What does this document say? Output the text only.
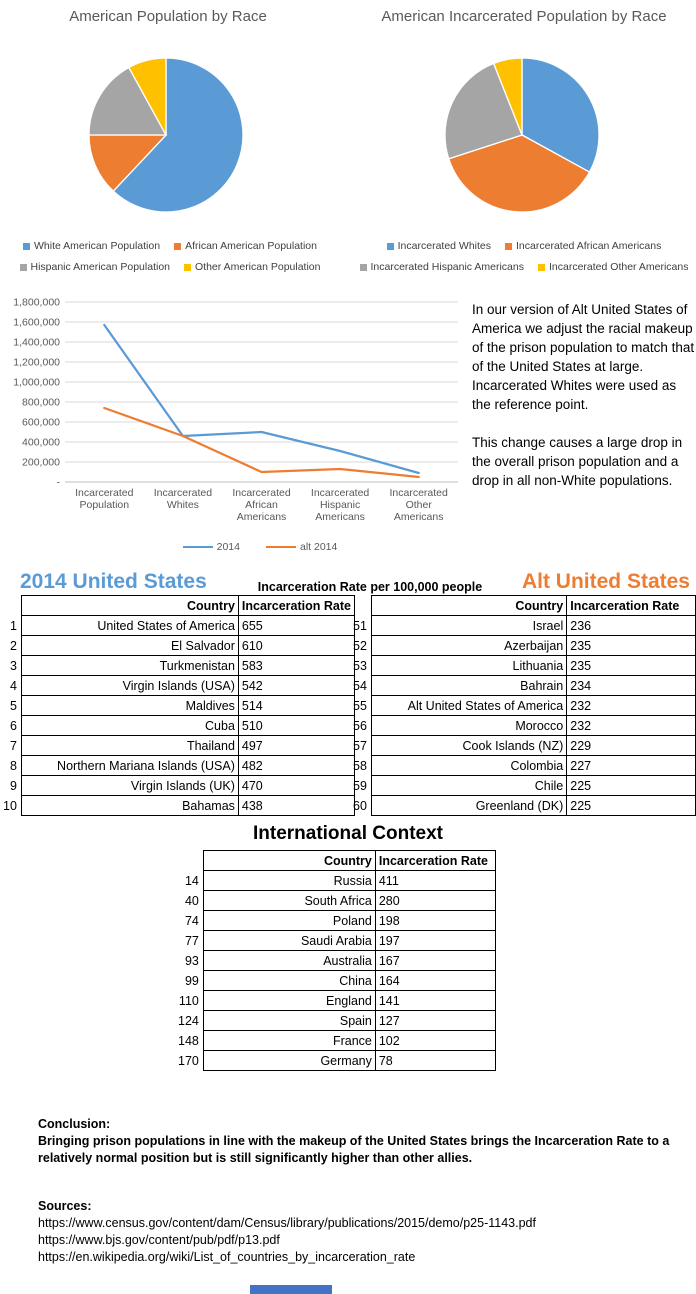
American Population by Race	American Incarcerated Population by Race
White American Population African American Population
Hispanic American Population Other American Population
Incarcerated Whites Incarcerated African Americans
Incarcerated Hispanic Americans Incarcerated Other Americans
-
200,000
400,000
600,000
800,000
1,000,000
1,200,000
1,400,000
1,600,000
1,800,000
Incarcerated Population
Incarcerated Whites
Incarcerated African Americans
Incarcerated Hispanic Americans
Incarcerated Other Americans
2014	alt 2014

In our version of Alt United States of America we adjust the racial makeup of the prison population to match that of the United States at large.

Incarcerated Whites were used as the reference point.

This change causes a large drop in the overall prison population and a drop in all non-White populations.

2014 United States	Incarceration Rate per 100,000 people	Alt United States
	Country	Incarceration Rate
1	United States of America	655
2	El Salvador	610
3	Turkmenistan	583
4	Virgin Islands (USA)	542
5	Maldives	514
6	Cuba	510
7	Thailand	497
8	Northern Mariana Islands (USA)	482
9	Virgin Islands (UK)	470
10	Bahamas	438
	Country	Incarceration Rate
51	Israel	236
52	Azerbaijan	235
53	Lithuania	235
54	Bahrain	234
55	Alt United States of America	232
56	Morocco	232
57	Cook Islands (NZ)	229
58	Colombia	227
59	Chile	225
60	Greenland (DK)	225
International Context
	Country	Incarceration Rate
14	Russia	411
40	South Africa	280
74	Poland	198
77	Saudi Arabia	197
93	Australia	167
99	China	164
110	England	141
124	Spain	127
148	France	102
170	Germany	78
Conclusion:
Bringing prison populations in line with the makeup of the United States brings the Incarceration Rate to a relatively normal position but is still significantly higher than other allies.
Sources:
https://www.census.gov/content/dam/Census/library/publications/2015/demo/p25-1143.pdf
https://www.bjs.gov/content/pub/pdf/p13.pdf
https://en.wikipedia.org/wiki/List_of_countries_by_incarceration_rate
